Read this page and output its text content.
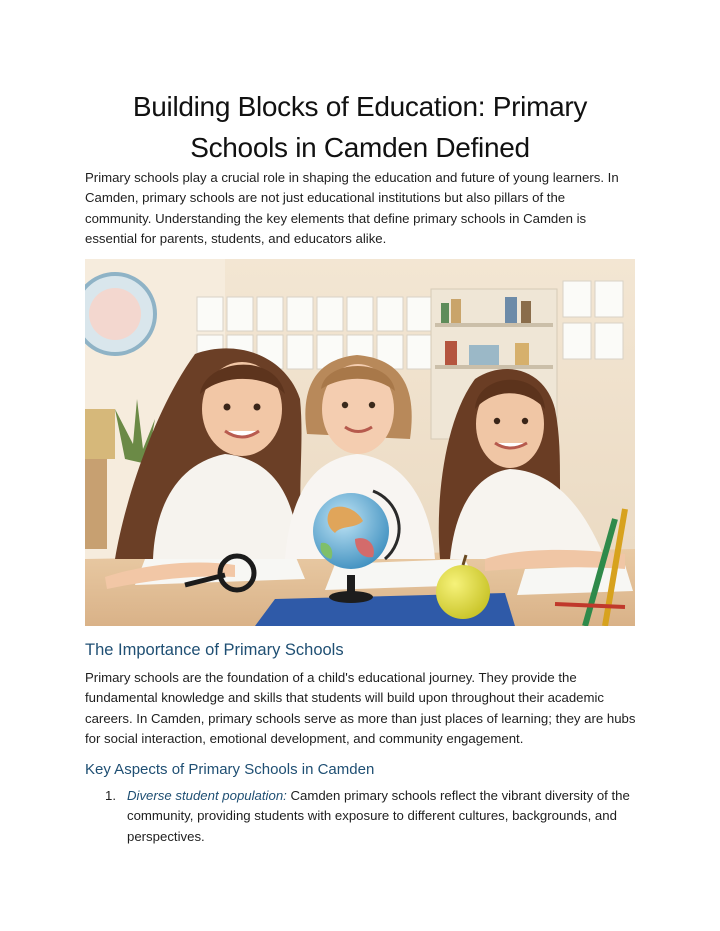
Building Blocks of Education: Primary Schools in Camden Defined

Primary schools play a crucial role in shaping the education and future of young learners. In Camden, primary schools are not just educational institutions but also pillars of the community. Understanding the key elements that define primary schools in Camden is essential for parents, students, and educators alike.

The Importance of Primary Schools

Primary schools are the foundation of a child's educational journey. They provide the fundamental knowledge and skills that students will build upon throughout their academic careers. In Camden, primary schools serve as more than just places of learning; they are hubs for social interaction, emotional development, and community engagement.

Key Aspects of Primary Schools in Camden
1. Diverse student population: Camden primary schools reflect the vibrant diversity of the community, providing students with exposure to different cultures, backgrounds, and perspectives.
